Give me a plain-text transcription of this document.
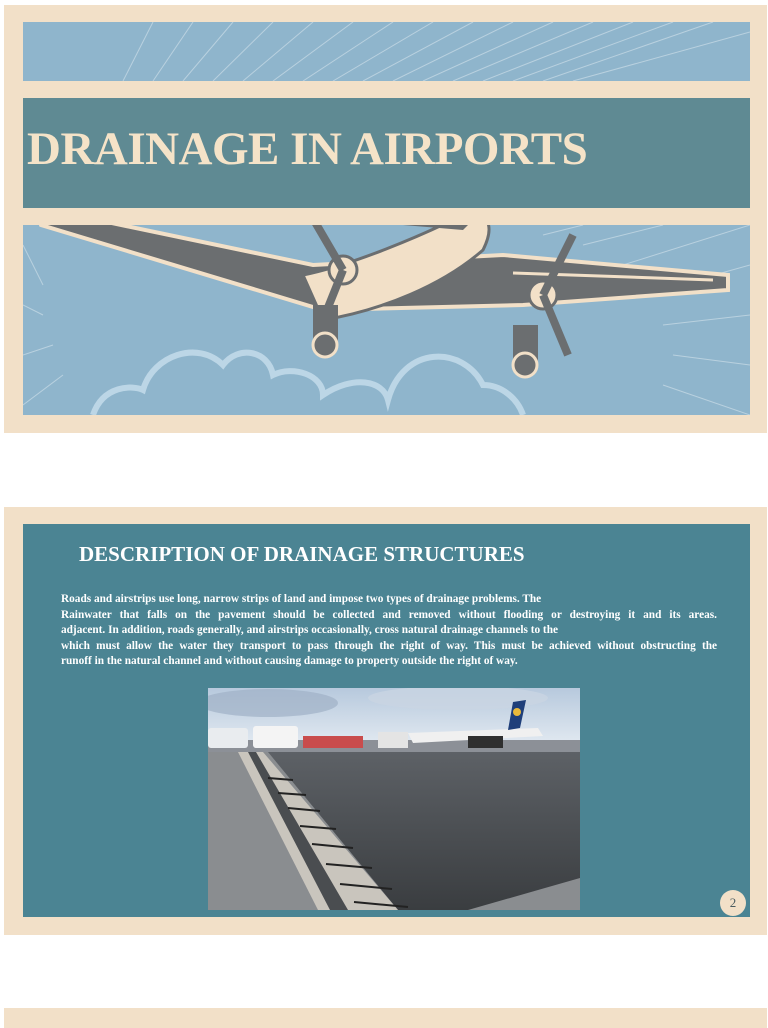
DRAINAGE IN AIRPORTS
DESCRIPTION OF DRAINAGE STRUCTURES

Roads and airstrips use long, narrow strips of land and impose two types of drainage problems. The
Rainwater that falls on the pavement should be collected and removed without flooding or destroying it and its areas.
adjacent. In addition, roads generally, and airstrips occasionally, cross natural drainage channels to the
which must allow the water they transport to pass through the right of way. This must be achieved without obstructing the
runoff in the natural channel and without causing damage to property outside the right of way.

2
